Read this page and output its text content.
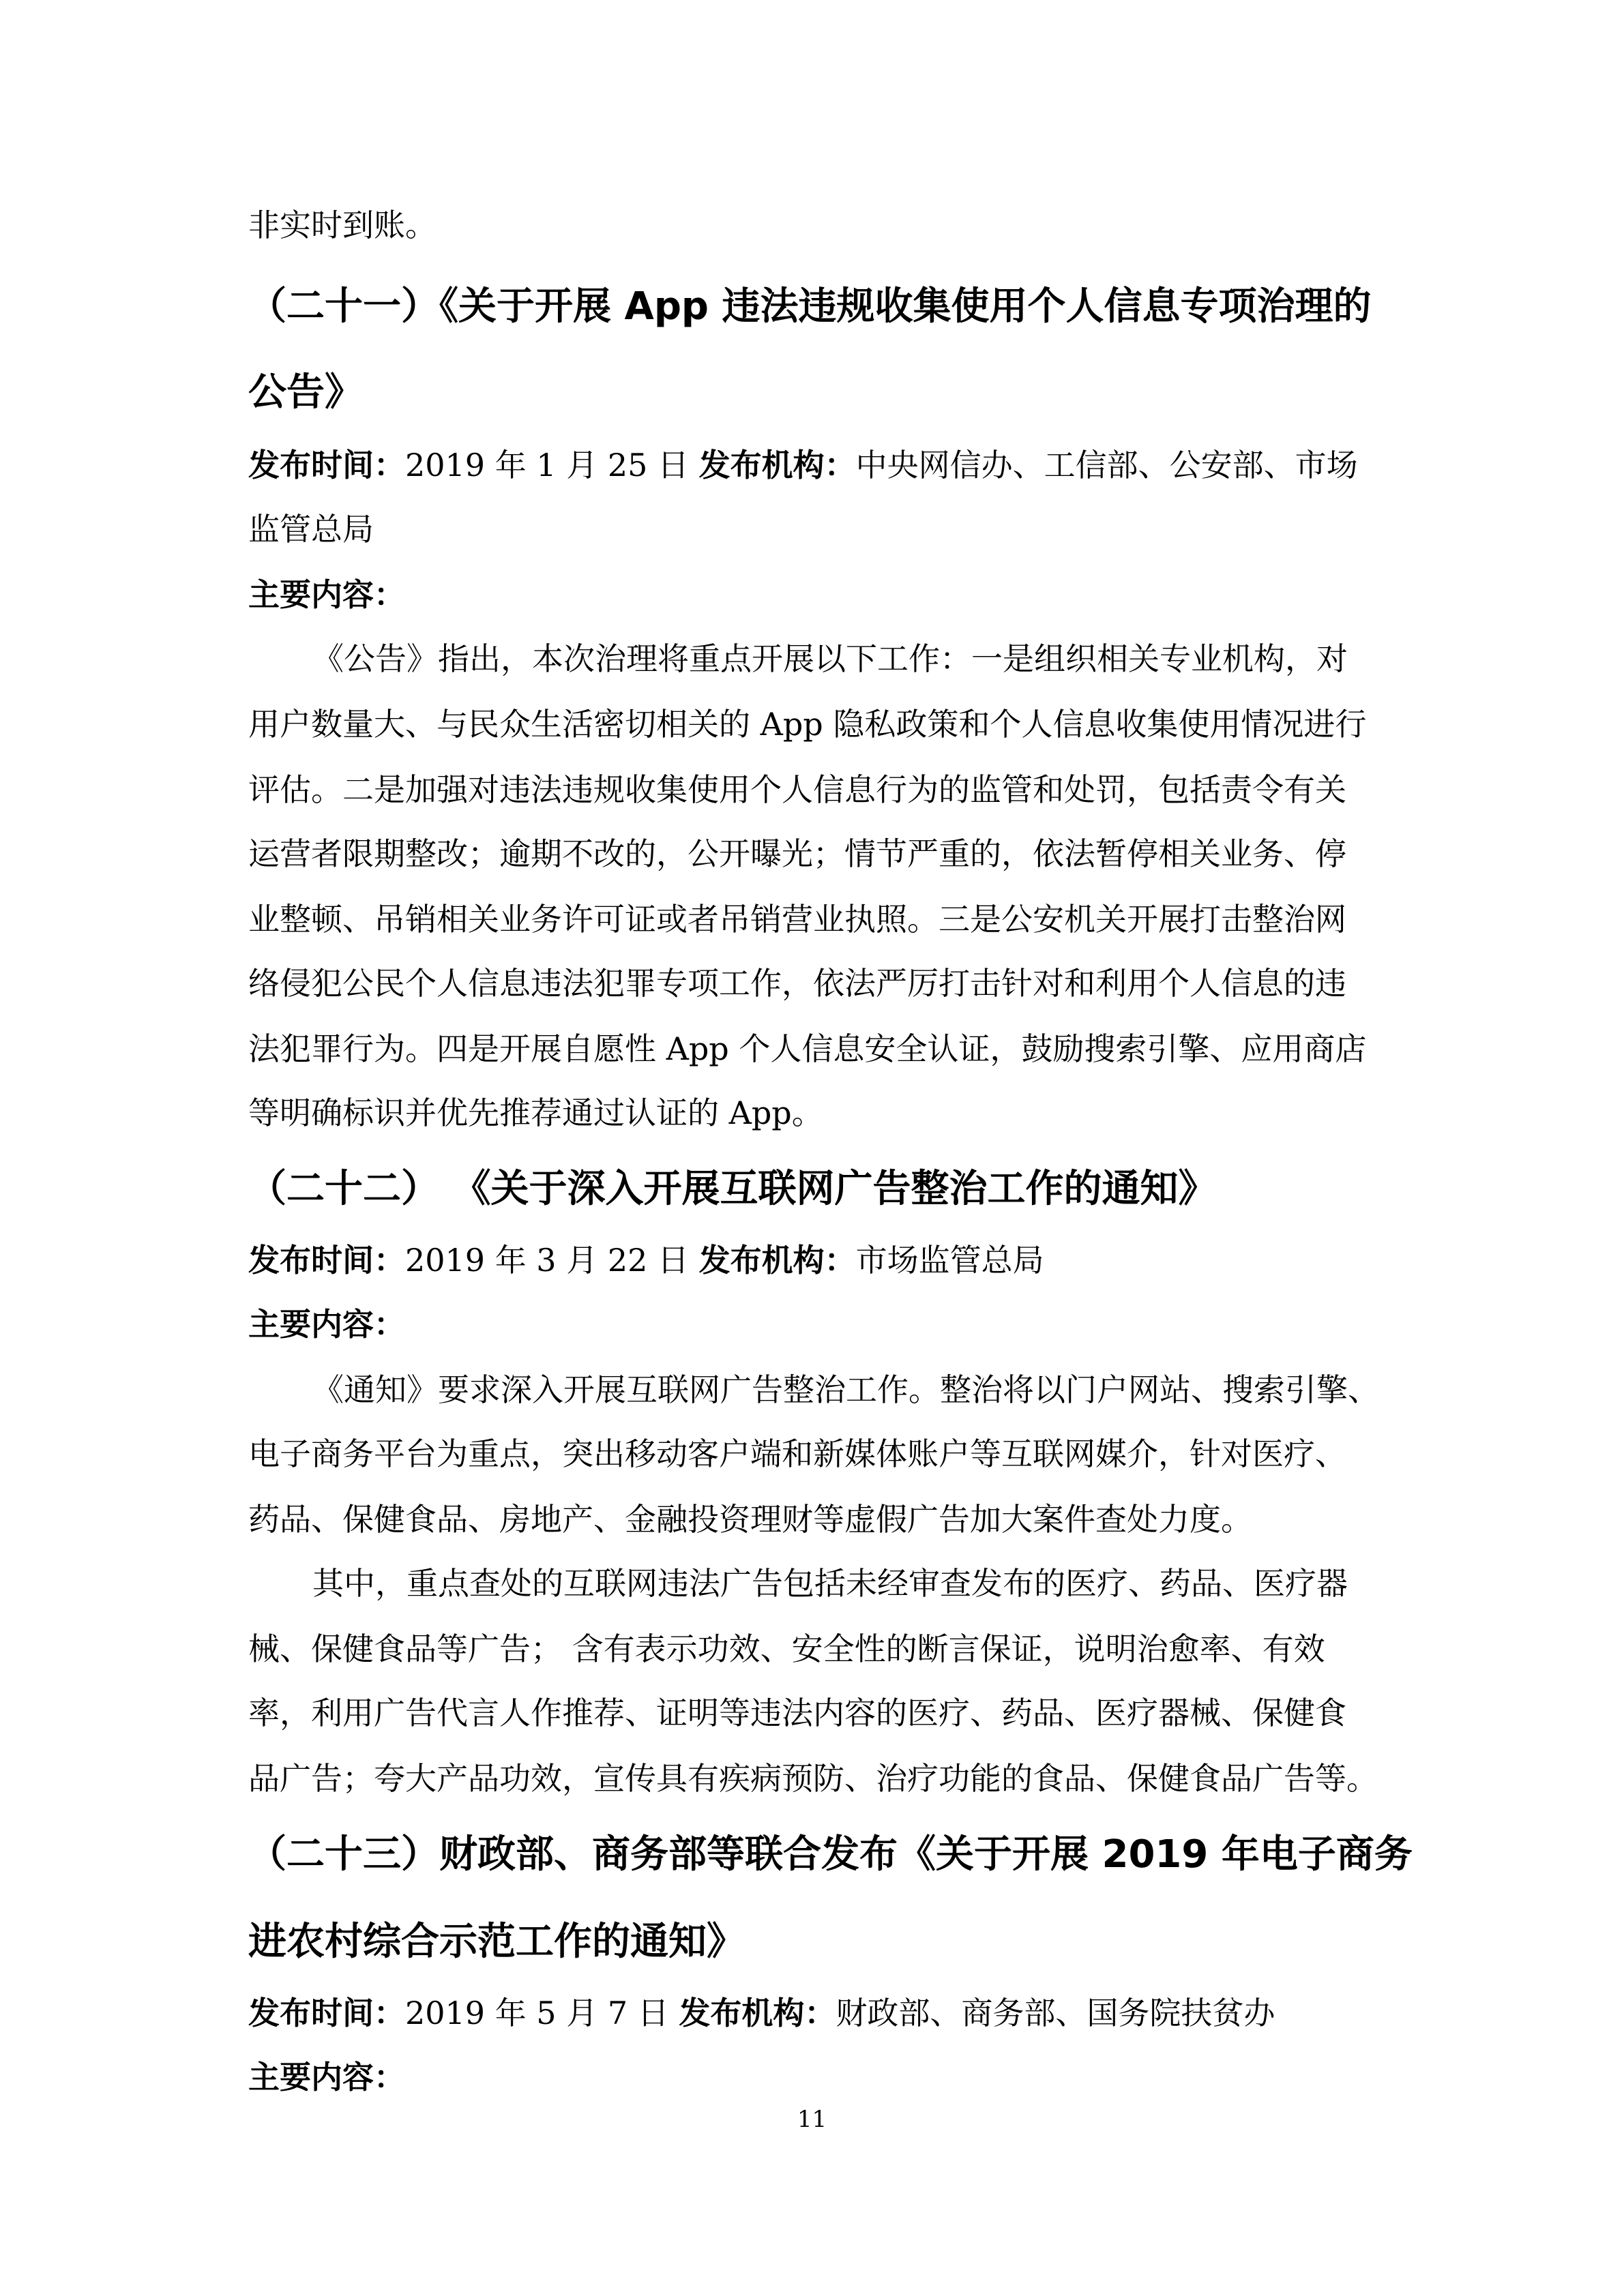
非实时到账。
（二十一）《关于开展 App 违法违规收集使用个人信息专项治理的
公告》
发布时间：2019 年 1 月 25 日 发布机构：中央网信办、工信部、公安部、市场
监管总局
主要内容：
《公告》指出，本次治理将重点开展以下工作：一是组织相关专业机构，对
用户数量大、与民众生活密切相关的 App 隐私政策和个人信息收集使用情况进行
评估。二是加强对违法违规收集使用个人信息行为的监管和处罚，包括责令有关
运营者限期整改；逾期不改的，公开曝光；情节严重的，依法暂停相关业务、停
业整顿、吊销相关业务许可证或者吊销营业执照。三是公安机关开展打击整治网
络侵犯公民个人信息违法犯罪专项工作，依法严厉打击针对和利用个人信息的违
法犯罪行为。四是开展自愿性 App 个人信息安全认证，鼓励搜索引擎、应用商店
等明确标识并优先推荐通过认证的 App。
（二十二） 《关于深入开展互联网广告整治工作的通知》
发布时间：2019 年 3 月 22 日 发布机构：市场监管总局
主要内容：
《通知》要求深入开展互联网广告整治工作。整治将以门户网站、搜索引擎、
电子商务平台为重点，突出移动客户端和新媒体账户等互联网媒介，针对医疗、
药品、保健食品、房地产、金融投资理财等虚假广告加大案件查处力度。
其中，重点查处的互联网违法广告包括未经审查发布的医疗、药品、医疗器
械、保健食品等广告； 含有表示功效、安全性的断言保证，说明治愈率、有效
率，利用广告代言人作推荐、证明等违法内容的医疗、药品、医疗器械、保健食
品广告；夸大产品功效，宣传具有疾病预防、治疗功能的食品、保健食品广告等。
（二十三）财政部、商务部等联合发布《关于开展 2019 年电子商务
进农村综合示范工作的通知》
发布时间：2019 年 5 月 7 日 发布机构：财政部、商务部、国务院扶贫办
主要内容：
11
